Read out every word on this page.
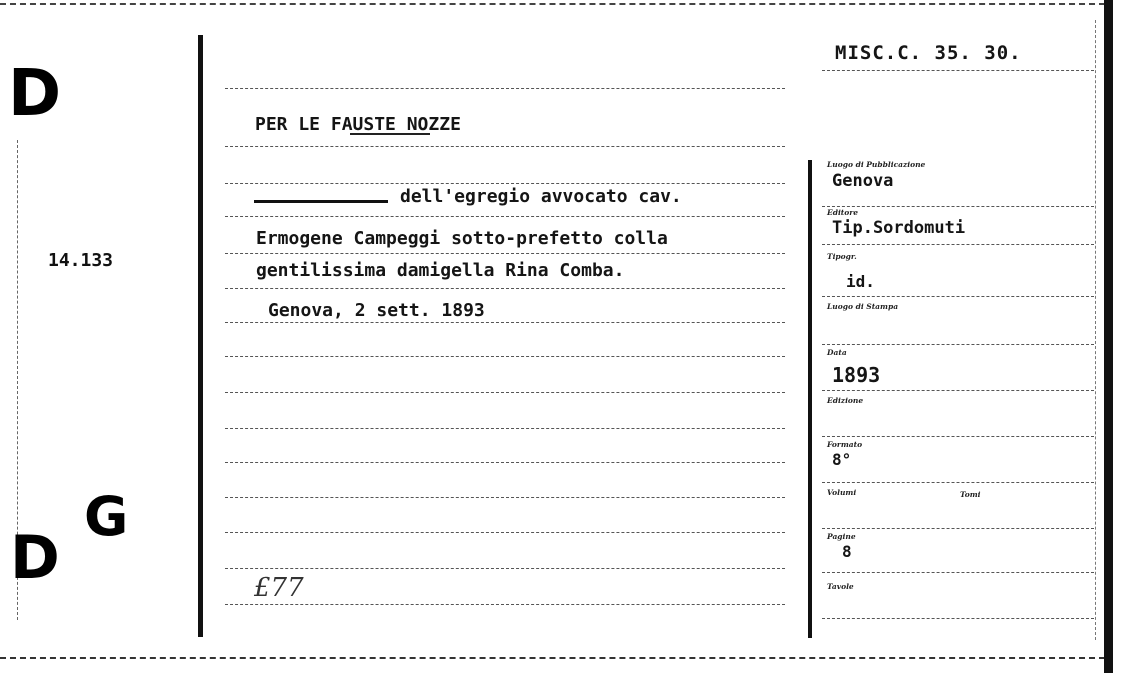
D
14.133
G
D
MISC.C. 35. 30.
PER LE FAUSTE NOZZE
dell'egregio avvocato cav.
Ermogene Campeggi sotto-prefetto colla
gentilissima damigella Rina Comba.
Genova, 2 sett. 1893
£77
Luogo di Pubblicazione
Genova
Editore
Tip.Sordomuti
Tipogr.
id.
Luogo di Stampa
Data
1893
Edizione
Formato
8°
Volumi	Tomi
Pagine
8
Tavole
